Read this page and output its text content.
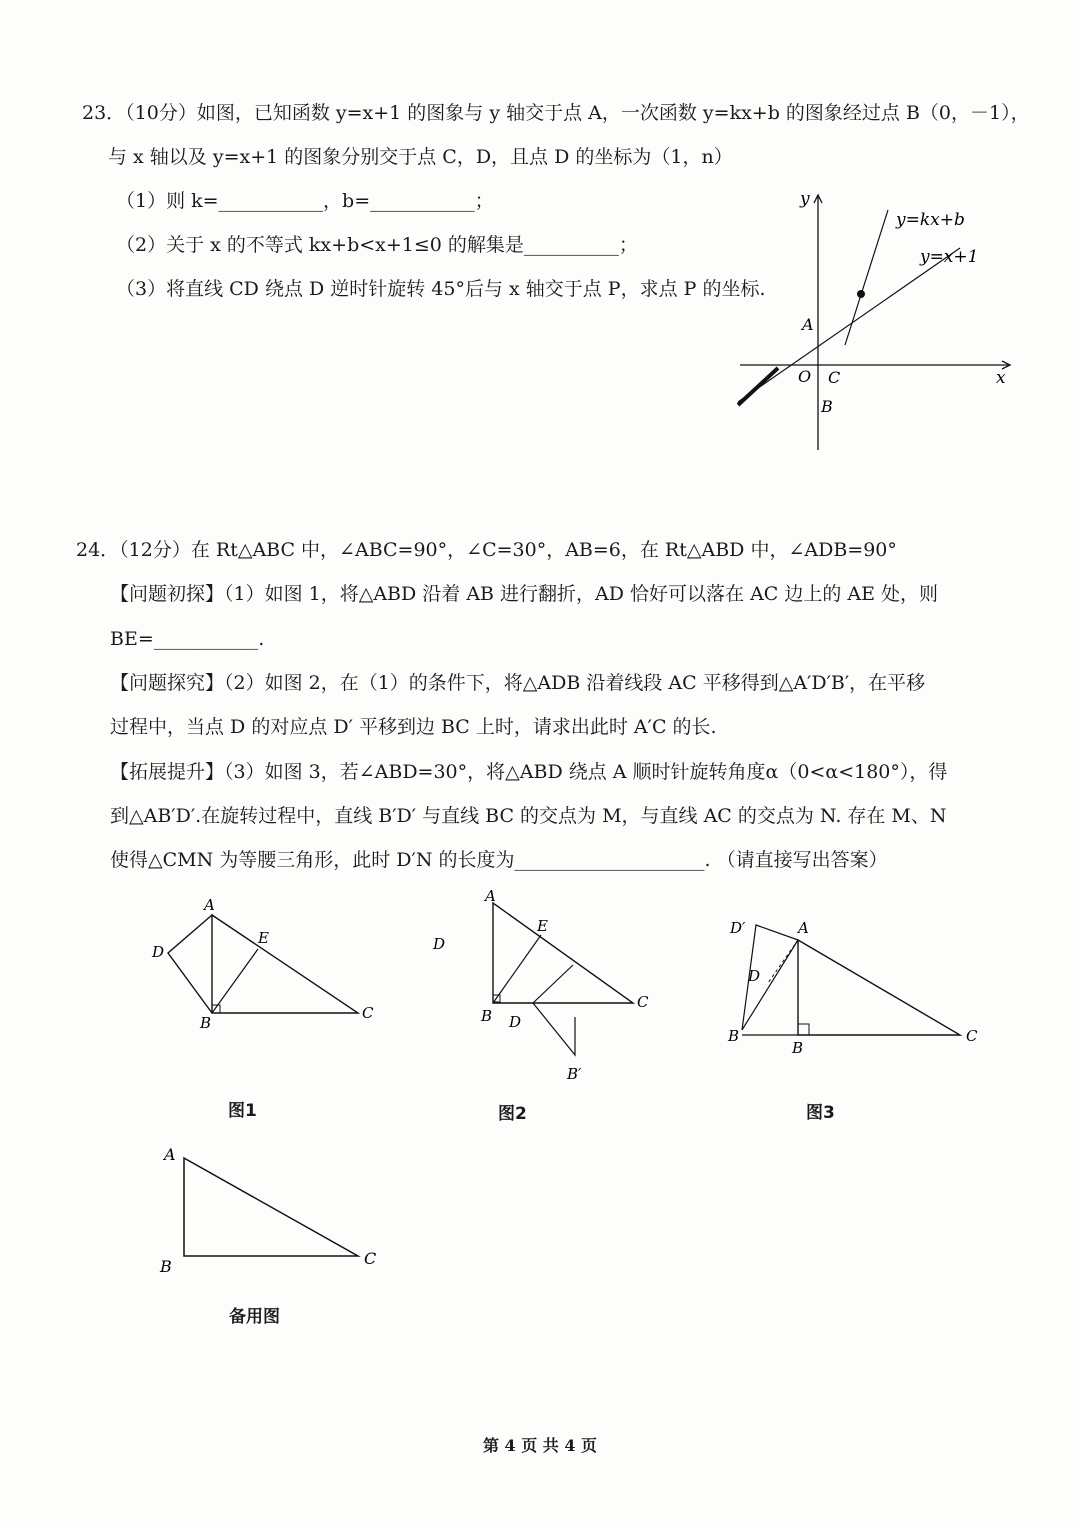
23．（10分）如图，已知函数 y=x+1 的图象与 y 轴交于点 A，一次函数 y=kx+b 的图象经过点 B（0，－1），
与 x 轴以及 y=x+1 的图象分别交于点 C，D，且点 D 的坐标为（1，n）
（1）则 k=___________，b=___________；
（2）关于 x 的不等式 kx+b<x+1≤0 的解集是__________；
（3）将直线 CD 绕点 D 逆时针旋转 45°后与 x 轴交于点 P，求点 P 的坐标.
y
x
y=kx+b
y=x+1
A
O C
B
24．（12分）在 Rt△ABC 中，∠ABC=90°，∠C=30°，AB=6，在 Rt△ABD 中，∠ADB=90°
【问题初探】（1）如图 1，将△ABD 沿着 AB 进行翻折，AD 恰好可以落在 AC 边上的 AE 处，则
BE=___________.
【问题探究】（2）如图 2，在（1）的条件下，将△ADB 沿着线段 AC 平移得到△A′D′B′，在平移
过程中，当点 D 的对应点 D′ 平移到边 BC 上时，请求出此时 A′C 的长.
【拓展提升】（3）如图 3，若∠ABD=30°，将△ABD 绕点 A 顺时针旋转角度α（0<α<180°），得
到△AB′D′.在旋转过程中，直线 B′D′ 与直线 BC 的交点为 M，与直线 AC 的交点为 N. 存在 M、N
使得△CMN 为等腰三角形，此时 D′N 的长度为____________________. （请直接写出答案）
A
B
C
D
E
图1
A
B
C
D
E
D
B′
图2
A
B
C
D
B
D′
图3
A
B	C
备用图
第 4 页 共 4 页
